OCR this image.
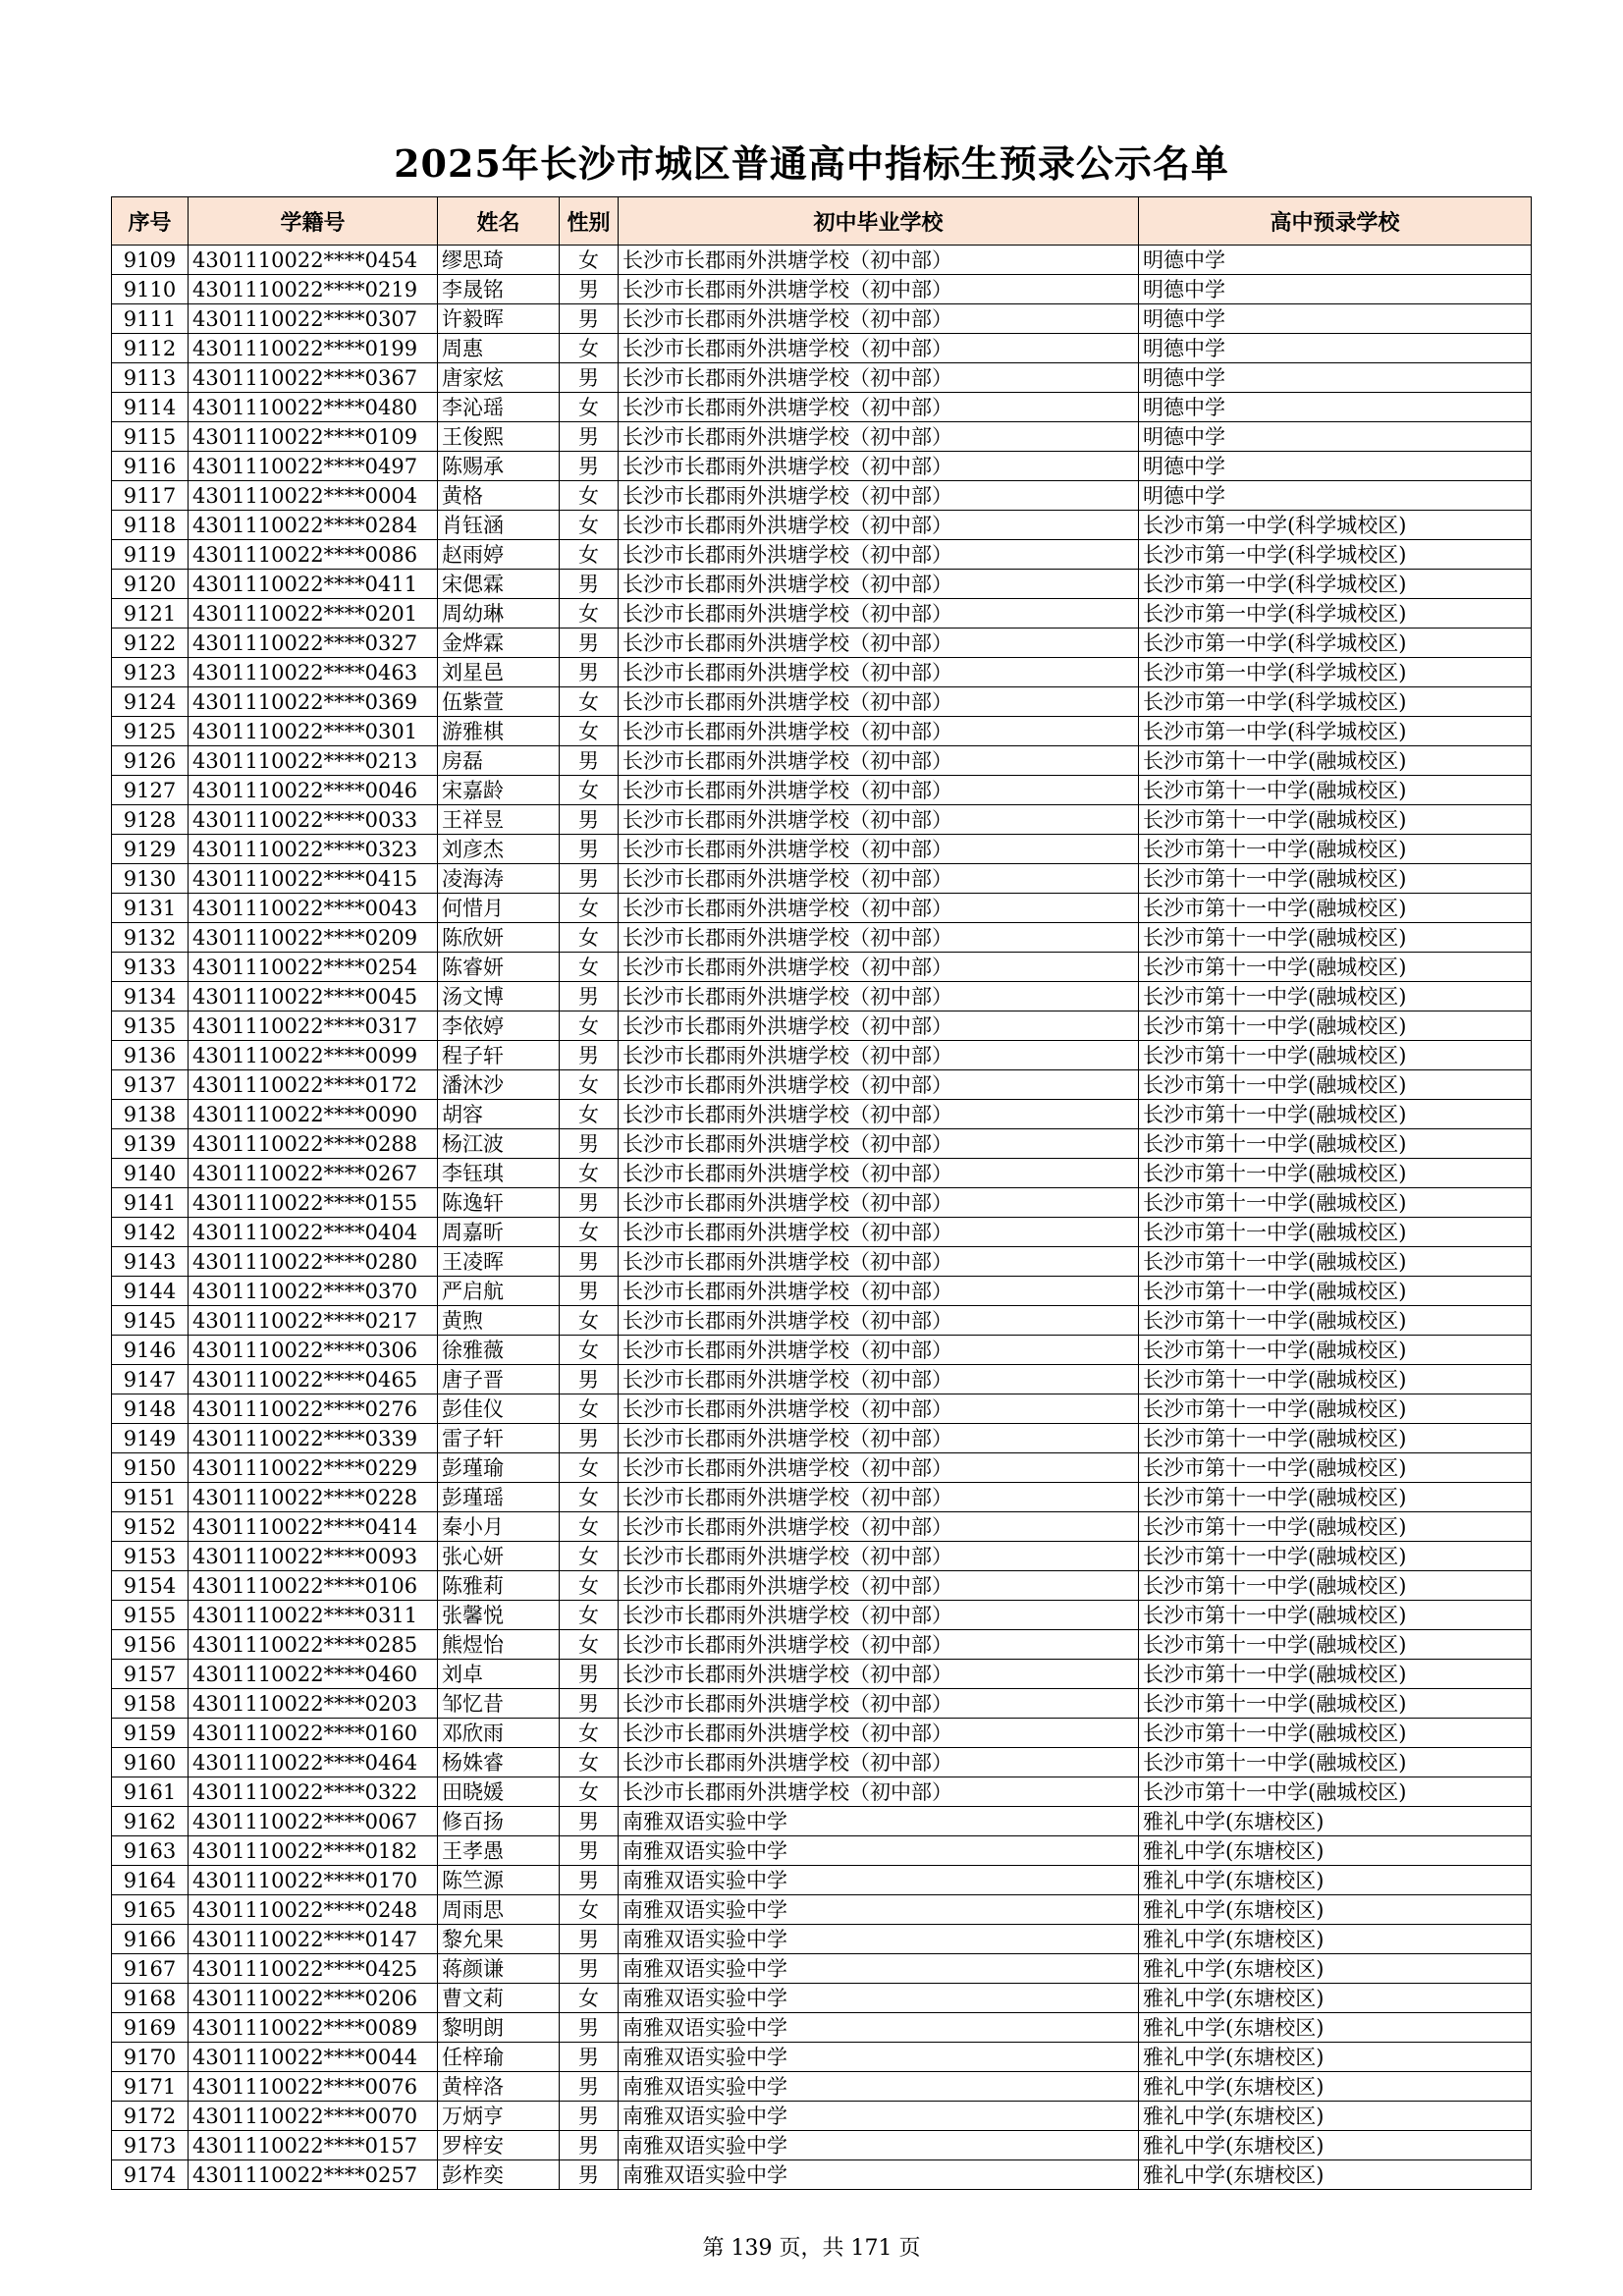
2025年长沙市城区普通高中指标生预录公示名单
序号	学籍号	姓名	性别	初中毕业学校	高中预录学校
9109	4301110022****0454	缪思琦	女	长沙市长郡雨外洪塘学校（初中部）	明德中学
9110	4301110022****0219	李晟铭	男	长沙市长郡雨外洪塘学校（初中部）	明德中学
9111	4301110022****0307	许毅晖	男	长沙市长郡雨外洪塘学校（初中部）	明德中学
9112	4301110022****0199	周惠	女	长沙市长郡雨外洪塘学校（初中部）	明德中学
9113	4301110022****0367	唐家炫	男	长沙市长郡雨外洪塘学校（初中部）	明德中学
9114	4301110022****0480	李沁瑶	女	长沙市长郡雨外洪塘学校（初中部）	明德中学
9115	4301110022****0109	王俊熙	男	长沙市长郡雨外洪塘学校（初中部）	明德中学
9116	4301110022****0497	陈赐承	男	长沙市长郡雨外洪塘学校（初中部）	明德中学
9117	4301110022****0004	黄格	女	长沙市长郡雨外洪塘学校（初中部）	明德中学
9118	4301110022****0284	肖钰涵	女	长沙市长郡雨外洪塘学校（初中部）	长沙市第一中学(科学城校区)
9119	4301110022****0086	赵雨婷	女	长沙市长郡雨外洪塘学校（初中部）	长沙市第一中学(科学城校区)
9120	4301110022****0411	宋偲霖	男	长沙市长郡雨外洪塘学校（初中部）	长沙市第一中学(科学城校区)
9121	4301110022****0201	周幼琳	女	长沙市长郡雨外洪塘学校（初中部）	长沙市第一中学(科学城校区)
9122	4301110022****0327	金烨霖	男	长沙市长郡雨外洪塘学校（初中部）	长沙市第一中学(科学城校区)
9123	4301110022****0463	刘星邑	男	长沙市长郡雨外洪塘学校（初中部）	长沙市第一中学(科学城校区)
9124	4301110022****0369	伍紫萱	女	长沙市长郡雨外洪塘学校（初中部）	长沙市第一中学(科学城校区)
9125	4301110022****0301	游雅棋	女	长沙市长郡雨外洪塘学校（初中部）	长沙市第一中学(科学城校区)
9126	4301110022****0213	房磊	男	长沙市长郡雨外洪塘学校（初中部）	长沙市第十一中学(融城校区)
9127	4301110022****0046	宋嘉龄	女	长沙市长郡雨外洪塘学校（初中部）	长沙市第十一中学(融城校区)
9128	4301110022****0033	王祥昱	男	长沙市长郡雨外洪塘学校（初中部）	长沙市第十一中学(融城校区)
9129	4301110022****0323	刘彦杰	男	长沙市长郡雨外洪塘学校（初中部）	长沙市第十一中学(融城校区)
9130	4301110022****0415	凌海涛	男	长沙市长郡雨外洪塘学校（初中部）	长沙市第十一中学(融城校区)
9131	4301110022****0043	何惜月	女	长沙市长郡雨外洪塘学校（初中部）	长沙市第十一中学(融城校区)
9132	4301110022****0209	陈欣妍	女	长沙市长郡雨外洪塘学校（初中部）	长沙市第十一中学(融城校区)
9133	4301110022****0254	陈睿妍	女	长沙市长郡雨外洪塘学校（初中部）	长沙市第十一中学(融城校区)
9134	4301110022****0045	汤文博	男	长沙市长郡雨外洪塘学校（初中部）	长沙市第十一中学(融城校区)
9135	4301110022****0317	李依婷	女	长沙市长郡雨外洪塘学校（初中部）	长沙市第十一中学(融城校区)
9136	4301110022****0099	程子轩	男	长沙市长郡雨外洪塘学校（初中部）	长沙市第十一中学(融城校区)
9137	4301110022****0172	潘沐沙	女	长沙市长郡雨外洪塘学校（初中部）	长沙市第十一中学(融城校区)
9138	4301110022****0090	胡容	女	长沙市长郡雨外洪塘学校（初中部）	长沙市第十一中学(融城校区)
9139	4301110022****0288	杨江波	男	长沙市长郡雨外洪塘学校（初中部）	长沙市第十一中学(融城校区)
9140	4301110022****0267	李钰琪	女	长沙市长郡雨外洪塘学校（初中部）	长沙市第十一中学(融城校区)
9141	4301110022****0155	陈逸轩	男	长沙市长郡雨外洪塘学校（初中部）	长沙市第十一中学(融城校区)
9142	4301110022****0404	周嘉昕	女	长沙市长郡雨外洪塘学校（初中部）	长沙市第十一中学(融城校区)
9143	4301110022****0280	王凌晖	男	长沙市长郡雨外洪塘学校（初中部）	长沙市第十一中学(融城校区)
9144	4301110022****0370	严启航	男	长沙市长郡雨外洪塘学校（初中部）	长沙市第十一中学(融城校区)
9145	4301110022****0217	黄煦	女	长沙市长郡雨外洪塘学校（初中部）	长沙市第十一中学(融城校区)
9146	4301110022****0306	徐雅薇	女	长沙市长郡雨外洪塘学校（初中部）	长沙市第十一中学(融城校区)
9147	4301110022****0465	唐子晋	男	长沙市长郡雨外洪塘学校（初中部）	长沙市第十一中学(融城校区)
9148	4301110022****0276	彭佳仪	女	长沙市长郡雨外洪塘学校（初中部）	长沙市第十一中学(融城校区)
9149	4301110022****0339	雷子轩	男	长沙市长郡雨外洪塘学校（初中部）	长沙市第十一中学(融城校区)
9150	4301110022****0229	彭瑾瑜	女	长沙市长郡雨外洪塘学校（初中部）	长沙市第十一中学(融城校区)
9151	4301110022****0228	彭瑾瑶	女	长沙市长郡雨外洪塘学校（初中部）	长沙市第十一中学(融城校区)
9152	4301110022****0414	秦小月	女	长沙市长郡雨外洪塘学校（初中部）	长沙市第十一中学(融城校区)
9153	4301110022****0093	张心妍	女	长沙市长郡雨外洪塘学校（初中部）	长沙市第十一中学(融城校区)
9154	4301110022****0106	陈雅莉	女	长沙市长郡雨外洪塘学校（初中部）	长沙市第十一中学(融城校区)
9155	4301110022****0311	张馨悦	女	长沙市长郡雨外洪塘学校（初中部）	长沙市第十一中学(融城校区)
9156	4301110022****0285	熊煜怡	女	长沙市长郡雨外洪塘学校（初中部）	长沙市第十一中学(融城校区)
9157	4301110022****0460	刘卓	男	长沙市长郡雨外洪塘学校（初中部）	长沙市第十一中学(融城校区)
9158	4301110022****0203	邹忆昔	男	长沙市长郡雨外洪塘学校（初中部）	长沙市第十一中学(融城校区)
9159	4301110022****0160	邓欣雨	女	长沙市长郡雨外洪塘学校（初中部）	长沙市第十一中学(融城校区)
9160	4301110022****0464	杨姝睿	女	长沙市长郡雨外洪塘学校（初中部）	长沙市第十一中学(融城校区)
9161	4301110022****0322	田晓媛	女	长沙市长郡雨外洪塘学校（初中部）	长沙市第十一中学(融城校区)
9162	4301110022****0067	修百扬	男	南雅双语实验中学	雅礼中学(东塘校区)
9163	4301110022****0182	王孝愚	男	南雅双语实验中学	雅礼中学(东塘校区)
9164	4301110022****0170	陈竺源	男	南雅双语实验中学	雅礼中学(东塘校区)
9165	4301110022****0248	周雨思	女	南雅双语实验中学	雅礼中学(东塘校区)
9166	4301110022****0147	黎允果	男	南雅双语实验中学	雅礼中学(东塘校区)
9167	4301110022****0425	蒋颜谦	男	南雅双语实验中学	雅礼中学(东塘校区)
9168	4301110022****0206	曹文莉	女	南雅双语实验中学	雅礼中学(东塘校区)
9169	4301110022****0089	黎明朗	男	南雅双语实验中学	雅礼中学(东塘校区)
9170	4301110022****0044	任梓瑜	男	南雅双语实验中学	雅礼中学(东塘校区)
9171	4301110022****0076	黄梓洛	男	南雅双语实验中学	雅礼中学(东塘校区)
9172	4301110022****0070	万炳亨	男	南雅双语实验中学	雅礼中学(东塘校区)
9173	4301110022****0157	罗梓安	男	南雅双语实验中学	雅礼中学(东塘校区)
9174	4301110022****0257	彭柞奕	男	南雅双语实验中学	雅礼中学(东塘校区)
第 139 页，共 171 页
